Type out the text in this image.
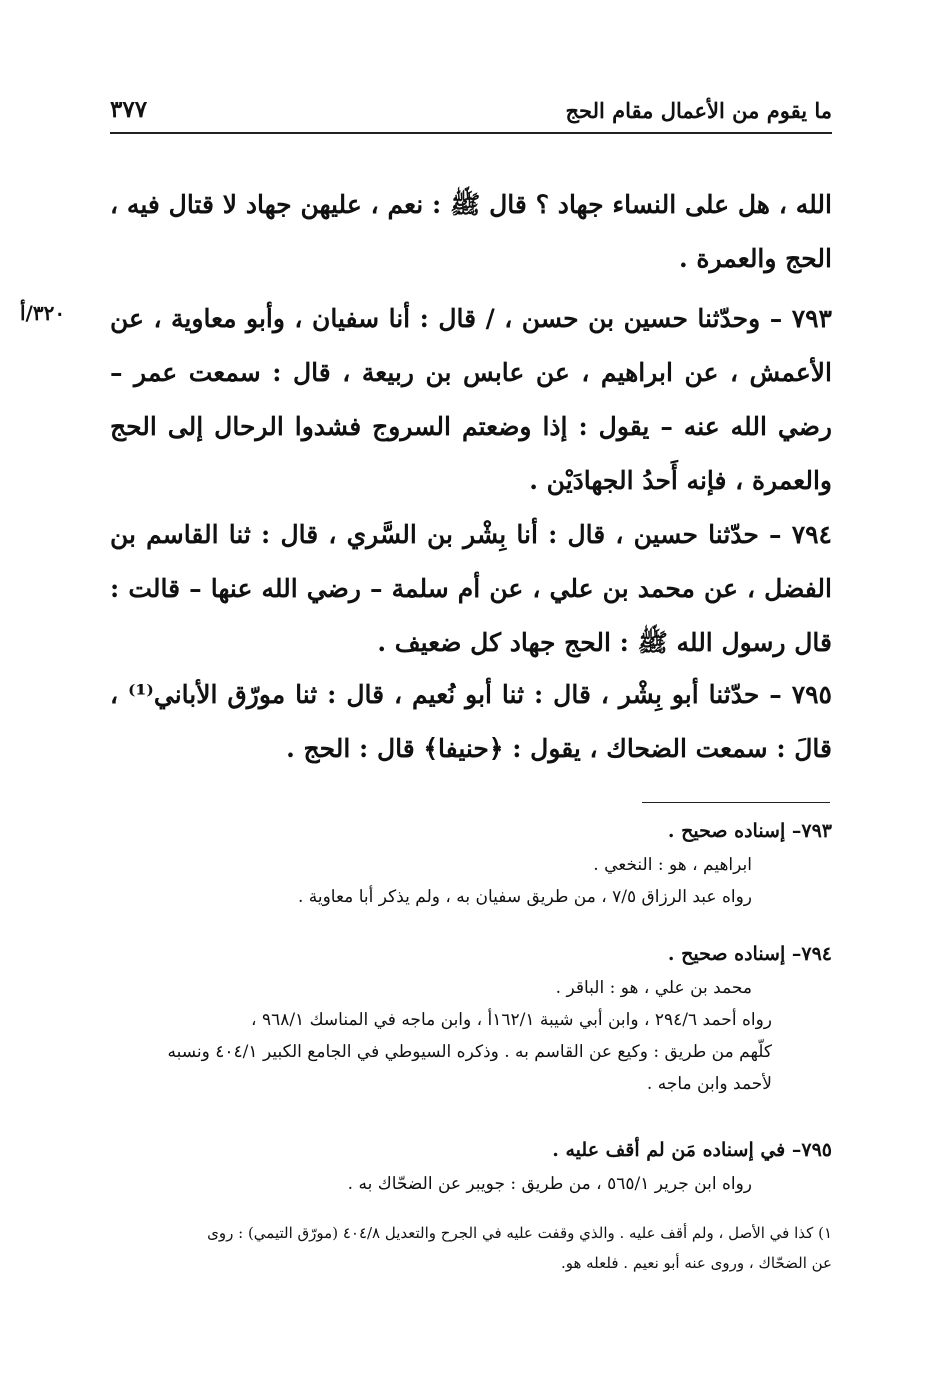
ما يقوم من الأعمال مقام الحج
٣٧٧
الله ، هل على النساء جهاد ؟ قال ﷺ : نعم ، عليهن جهاد لا قتال فيه ، الحج والعمرة .
٧٩٣ – وحدّثنا حسين بن حسن ، / قال : أنا سفيان ، وأبو معاوية ، عن الأعمش ، عن ابراهيم ، عن عابس بن ربيعة ، قال : سمعت عمر – رضي الله عنه – يقول : إذا وضعتم السروج فشدوا الرحال إلى الحج والعمرة ، فإنه أَحدُ الجهادَيْن .
٣٢٠/أ
٧٩٤ – حدّثنا حسين ، قال : أنا بِشْر بن السَّري ، قال : ثنا القاسم بن الفضل ، عن محمد بن علي ، عن أم سلمة – رضي الله عنها – قالت : قال رسول الله ﷺ : الحج جهاد كل ضعيف .
٧٩٥ – حدّثنا أبو بِشْر ، قال : ثنا أبو نُعيم ، قال : ثنا مورّق الأباني⁽¹⁾ ، قالَ : سمعت الضحاك ، يقول : ﴿حنيفا﴾ قال : الحج .
٧٩٣– إسناده صحيح .
ابراهيم ، هو : النخعي .
رواه عبد الرزاق ٧/٥ ، من طريق سفيان به ، ولم يذكر أبا معاوية .
٧٩٤– إسناده صحيح .
محمد بن علي ، هو : الباقر .
رواه أحمد ٢٩٤/٦ ، وابن أبي شيبة ١٦٢/١أ ، وابن ماجه في المناسك ٩٦٨/١ ،
كلّهم من طريق : وكيع عن القاسم به . وذكره السيوطي في الجامع الكبير ٤٠٤/١ ونسبه
لأحمد وابن ماجه .
٧٩٥– في إسناده مَن لم أقف عليه .
رواه ابن جرير ٥٦٥/١ ، من طريق : جويبر عن الضحّاك به .
١) كذا في الأصل ، ولم أقف عليه . والذي وقفت عليه في الجرح والتعديل ٤٠٤/٨ (مورّق التيمي) : روى
عن الضحّاك ، وروى عنه أبو نعيم . فلعله هو.
